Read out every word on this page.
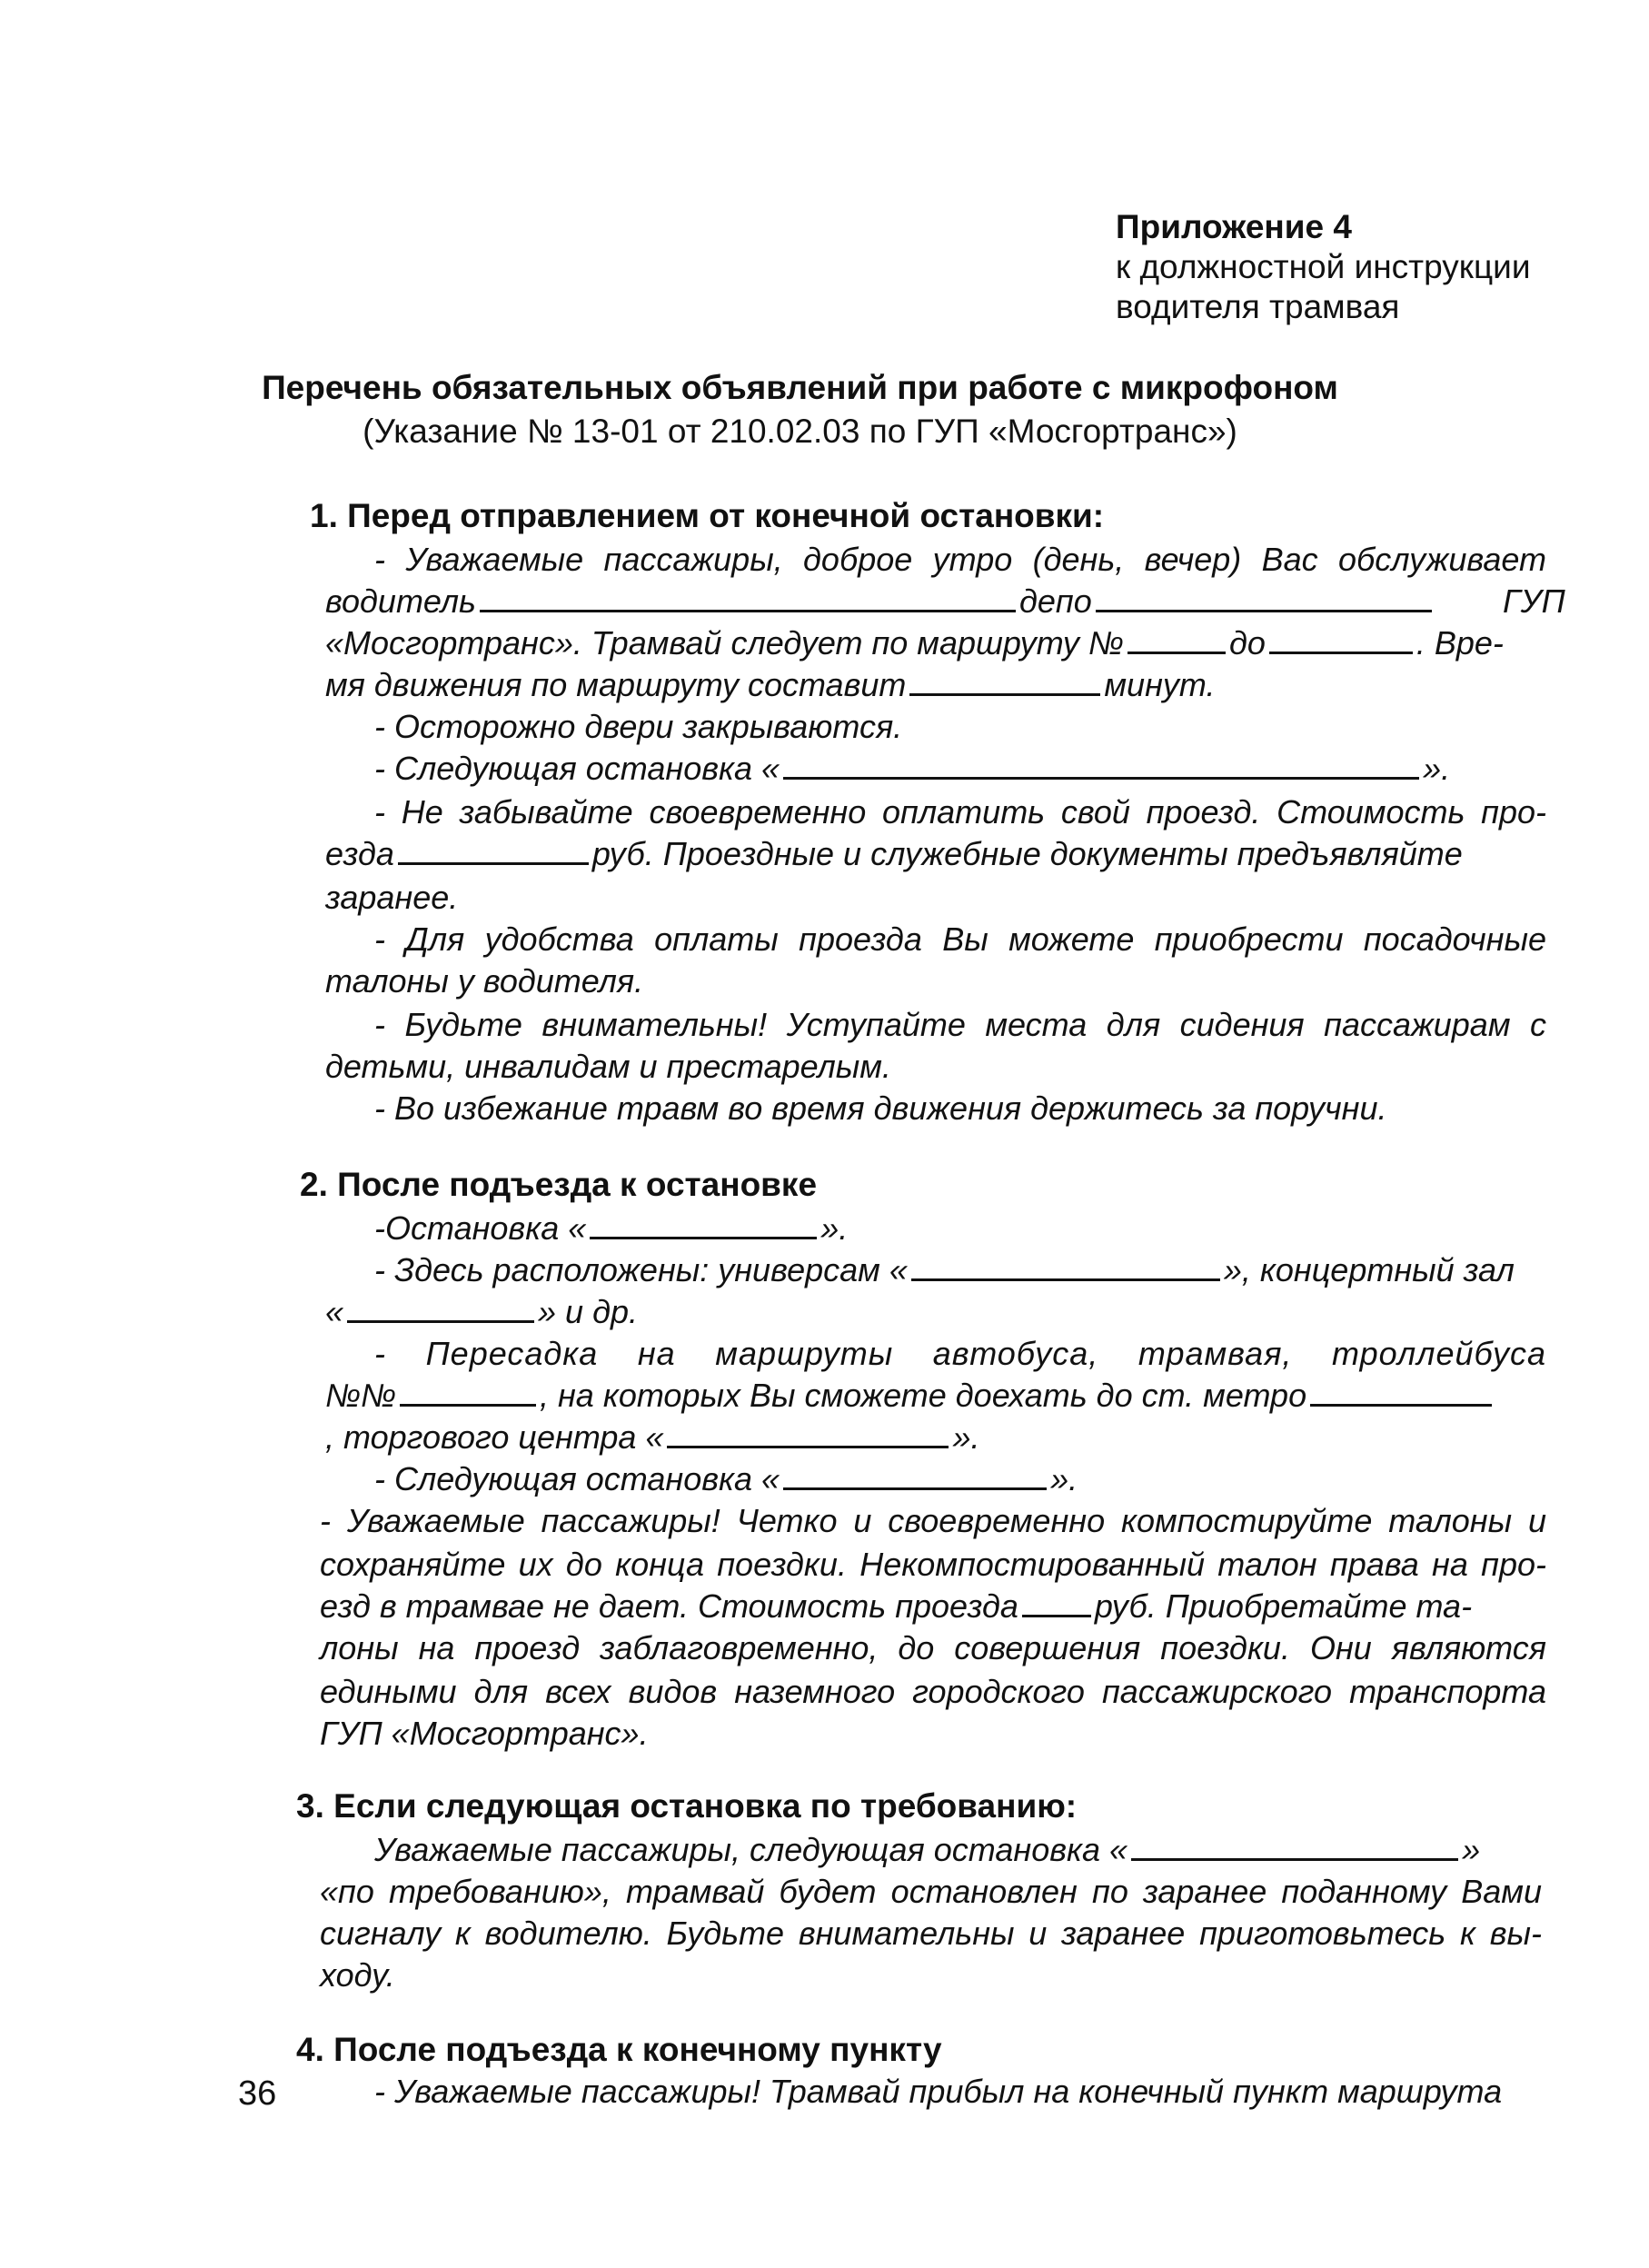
Приложение 4
к должностной инструкции
водителя трамвая
Перечень обязательных объявлений при работе с микрофоном
(Указание № 13-01 от 210.02.03 по ГУП «Мосгортранс»)
1. Перед отправлением от конечной остановки:
- Уважаемые пассажиры, доброе утро (день, вечер) Вас обслуживает
водитель	депо	ГУП
«Мосгортранс». Трамвай следует по маршруту №	до	. Вре-
мя движения по маршруту составит	минут.
- Осторожно двери закрываются.
- Следующая остановка «	».
- Не забывайте своевременно оплатить свой проезд. Стоимость про-
езда	руб. Проездные и служебные документы предъявляйте
заранее.
- Для удобства оплаты проезда Вы можете приобрести посадочные
талоны у водителя.
- Будьте внимательны! Уступайте места для сидения пассажирам с
детьми, инвалидам и престарелым.
- Во избежание травм во время движения держитесь за поручни.
2. После подъезда к остановке
-Остановка «	».
- Здесь расположены: универсам «	», концертный зал
«	» и др.
- Пересадка на маршруты автобуса, трамвая, троллейбуса
№№	, на которых Вы сможете доехать до ст. метро
, торгового центра «	».
- Следующая остановка «	».
- Уважаемые пассажиры! Четко и своевременно компостируйте талоны и
сохраняйте их до конца поездки. Некомпостированный талон права на про-
езд в трамвае не дает. Стоимость проезда руб. Приобретайте та-
лоны на проезд заблаговременно, до совершения поездки. Они являются
едиными для всех видов наземного городского пассажирского транспорта
ГУП «Мосгортранс».
3. Если следующая остановка по требованию:
Уважаемые пассажиры, следующая остановка «	»
«по требованию», трамвай будет остановлен по заранее поданному Вами
сигналу к водителю. Будьте внимательны и заранее приготовьтесь к вы-
ходу.
4. После подъезда к конечному пункту
- Уважаемые пассажиры! Трамвай прибыл на конечный пункт маршрута
36
